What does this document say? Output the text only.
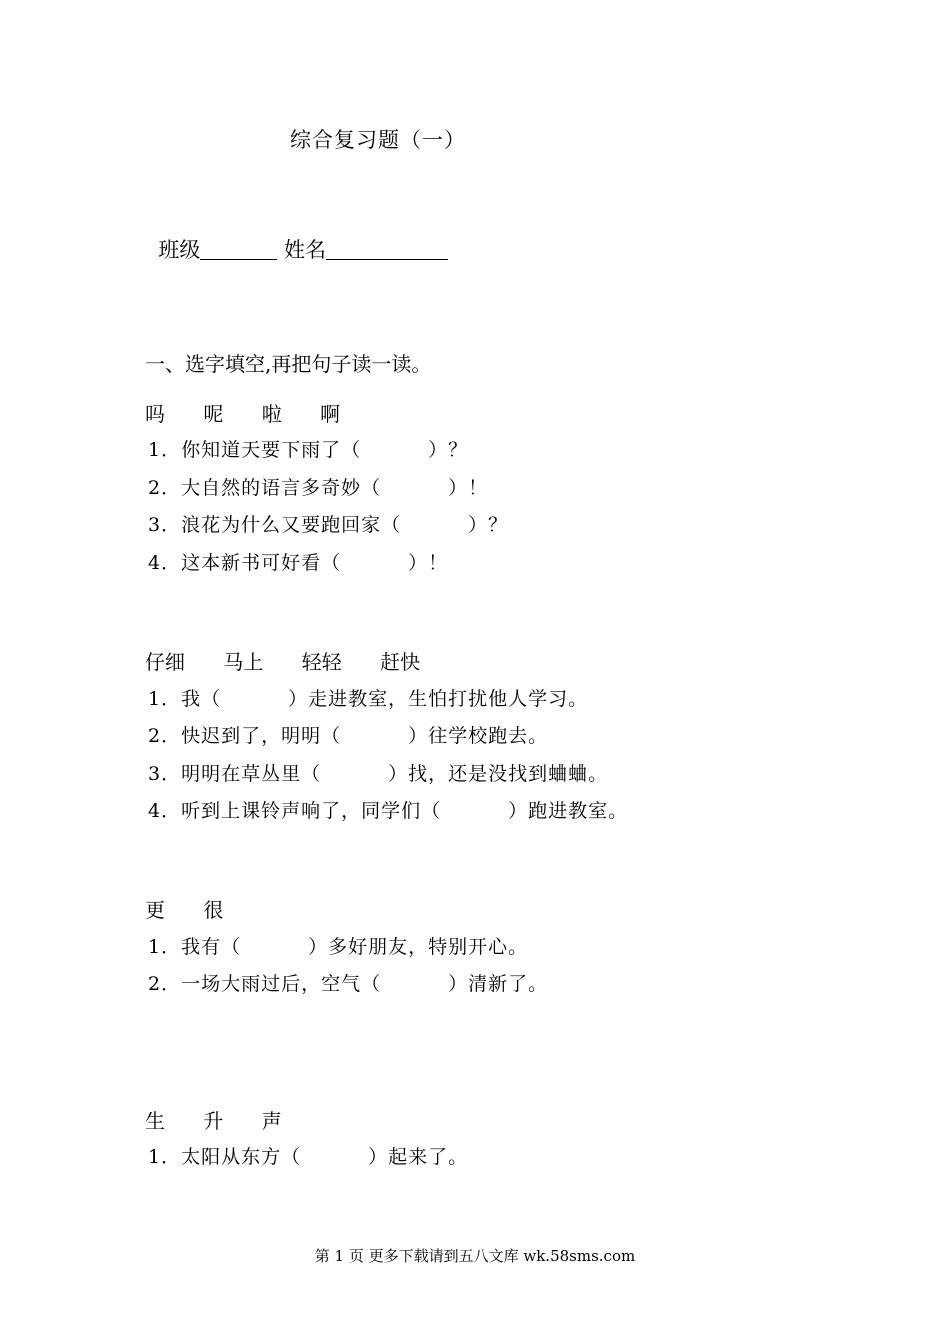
综合复习题（一）

班级	姓名

一、选字填空,再把句子读一读。
吗　 呢　 啦　 啊
1．你知道天要下雨了（　　　 ）？
2．大自然的语言多奇妙（　　　 ）！
3．浪花为什么又要跑回家（　　　 ）？
4．这本新书可好看（　　　 ）！
仔细　 马上　 轻轻　 赶快
1．我（　　　 ）走进教室，生怕打扰他人学习。
2．快迟到了，明明（　　　 ）往学校跑去。
3．明明在草丛里（　　　 ）找，还是没找到蛐蛐。
4．听到上课铃声响了，同学们（　　　 ）跑进教室。
更　 很
1．我有（　　　 ）多好朋友，特别开心。
2．一场大雨过后，空气（　　　 ）清新了。
生　 升　 声
1．太阳从东方（　　　 ）起来了。
第 1 页 更多下载请到五八文库 wk.58sms.com
